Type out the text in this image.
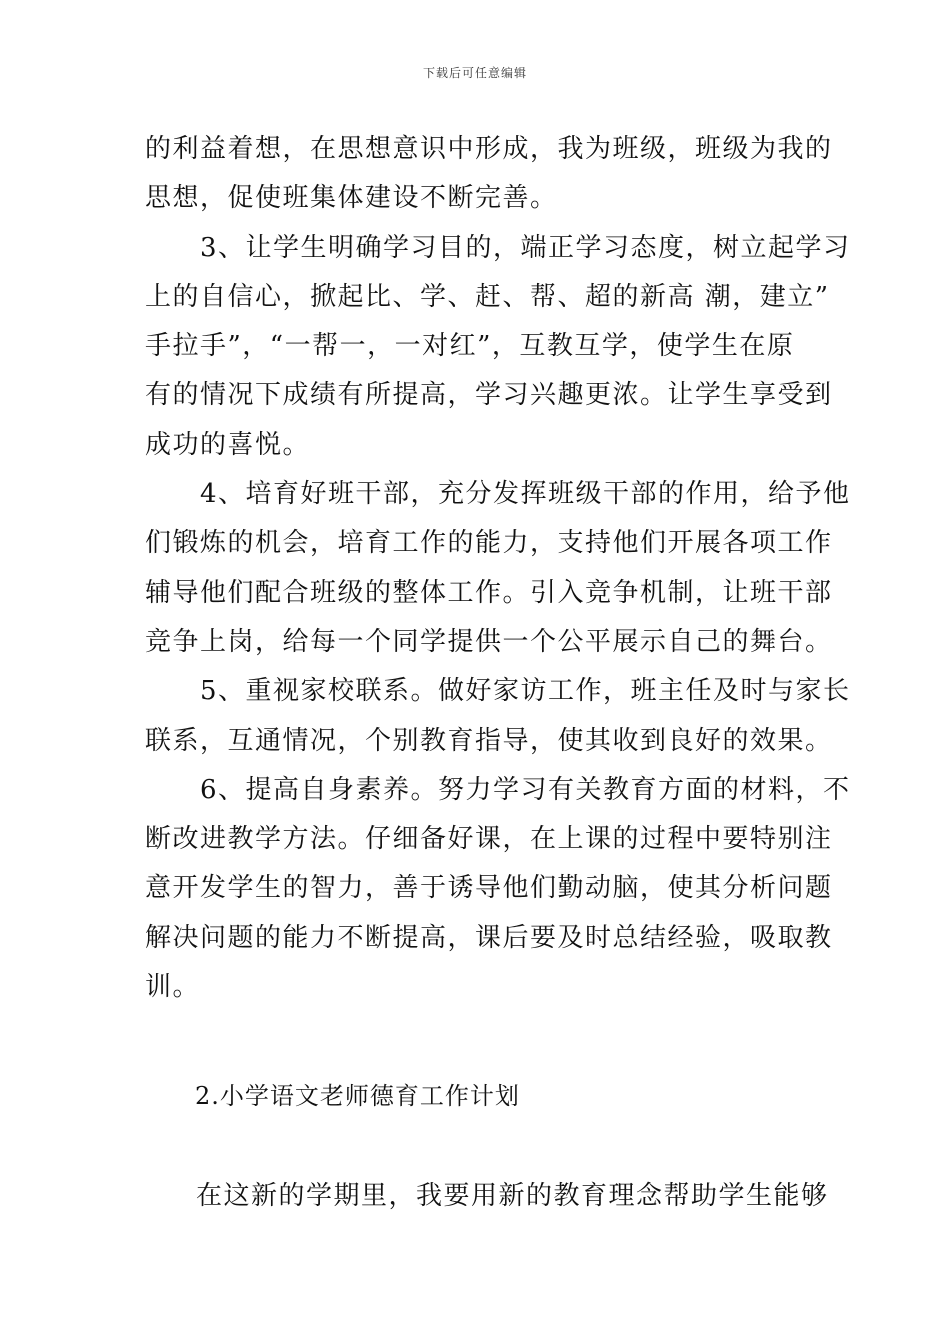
下载后可任意编辑
的利益着想，在思想意识中形成，我为班级，班级为我的
思想，促使班集体建设不断完善。
　　3、让学生明确学习目的，端正学习态度，树立起学习
上的自信心，掀起比、学、赶、帮、超的新高 潮，建立”
手拉手”，“一帮一，一对红”，互教互学，使学生在原
有的情况下成绩有所提高，学习兴趣更浓。让学生享受到
成功的喜悦。
　　4、培育好班干部，充分发挥班级干部的作用，给予他
们锻炼的机会，培育工作的能力，支持他们开展各项工作
辅导他们配合班级的整体工作。引入竞争机制，让班干部
竞争上岗，给每一个同学提供一个公平展示自己的舞台。
　　5、重视家校联系。做好家访工作，班主任及时与家长
联系，互通情况，个别教育指导，使其收到良好的效果。
　　6、提高自身素养。努力学习有关教育方面的材料，不
断改进教学方法。仔细备好课，在上课的过程中要特别注
意开发学生的智力，善于诱导他们勤动脑，使其分析问题
解决问题的能力不断提高，课后要及时总结经验，吸取教
训。
2.小学语文老师德育工作计划
在这新的学期里，我要用新的教育理念帮助学生能够
